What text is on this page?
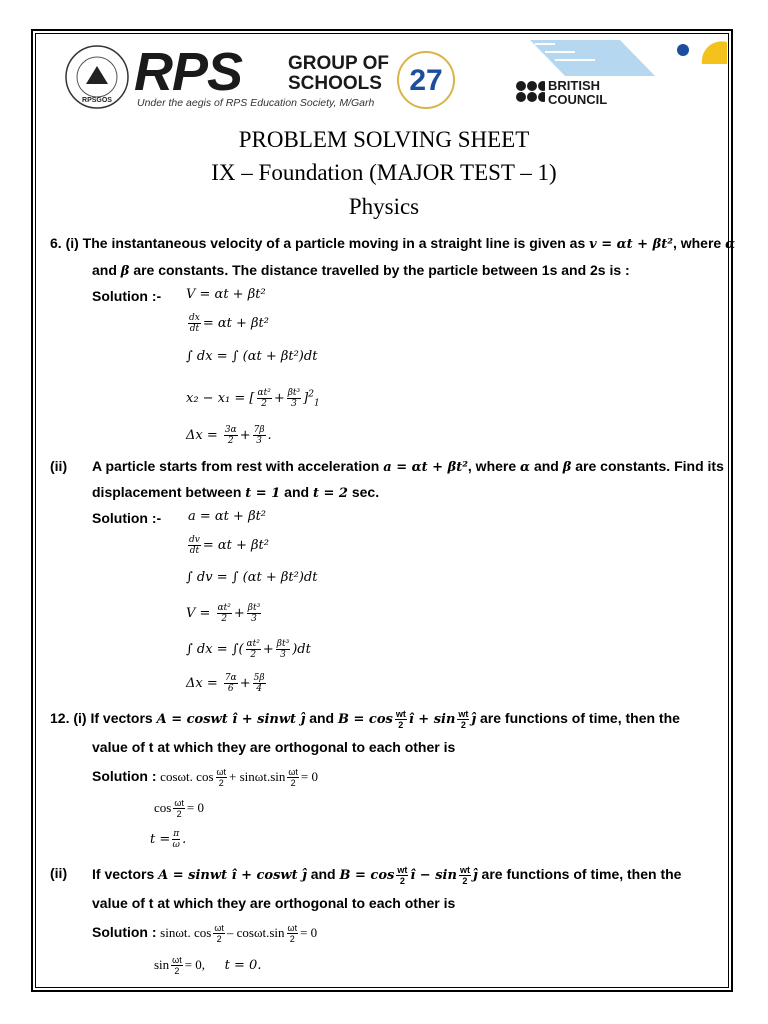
RPSGOS RPS GROUP OF
SCHOOLS
Under the aegis of RPS Education Society, M/Garh
27	BRITISH
COUNCIL
PROBLEM SOLVING SHEET
IX – Foundation (MAJOR TEST – 1)
Physics
6. (i) The instantaneous velocity of a particle moving in a straight line is given as v = αt + βt², where α
and β are constants. The distance travelled by the particle between 1s and 2s is :
Solution :- V = αt + βt²
$\frac{dx}{dt} = \alpha t + \beta t^2$
∫ dx = ∫ (αt + βt²)dt
x₂ − x₁ = [ $\frac{\text{αt²}}{2} + \frac{\text{βt³}}{3} ]^2_1$
$\Delta x = \frac{3\alpha}{2} + \frac{7\beta}{3}$ .
(ii) A particle starts from rest with acceleration a = αt + βt², where α and β are constants. Find its
displacement between t = 1 and t = 2 sec.
Solution :- a = αt + βt²
$\frac{dv}{dt} = \alpha t + \beta t^2$
∫ dv = ∫ (αt + βt²)dt
$V = \frac{\text{αt²}}{2} + \frac{\text{βt³}}{3}$
∫ dx = ∫( $\frac{\text{αt²}}{2} + \frac{\text{βt³}}{3} )dt$
$\Delta x = \frac{7\alpha}{6} + \frac{5\beta}{4}$
12. (i) If vectors A = coswt î + sinwt ĵ and $B = \cos \frac{wt}{2}$ î + $\sin \frac{wt}{2}$ ĵ are functions of time, then the
value of t at which they are orthogonal to each other is
Solution : cosωt. $\cos \frac{\omega t}{2} + \sin\omega t.\sin \frac{\omega t}{2} = 0$
$\cos \frac{\omega t}{2} = 0$
$t = \frac{\pi}{\omega}$ .
(ii) If vectors A = sinwt î + coswt ĵ and $B = \cos \frac{wt}{2}$ î − $\sin \frac{wt}{2}$ ĵ are functions of time, then the
value of t at which they are orthogonal to each other is
Solution : sinωt. $\cos \frac{\omega t}{2} - \cos\omega t.\sin \frac{\omega t}{2} = 0$
$\sin \frac{\omega t}{2} = 0$, t = 0.
